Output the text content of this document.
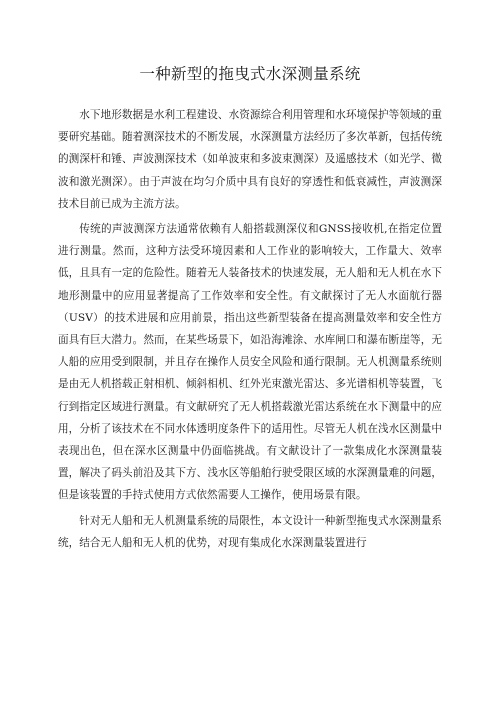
一种新型的拖曳式水深测量系统

水下地形数据是水利工程建设、水资源综合利用管理和水环境保护等领域的重要研究基础。随着测深技术的不断发展，水深测量方法经历了多次革新，包括传统的测深杆和锤、声波测深技术（如单波束和多波束测深）及遥感技术（如光学、微波和激光测深）。由于声波在均匀介质中具有良好的穿透性和低衰减性，声波测深技术目前已成为主流方法。

传统的声波测深方法通常依赖有人船搭载测深仪和GNSS接收机,在指定位置进行测量。然而，这种方法受环境因素和人工作业的影响较大，工作量大、效率低，且具有一定的危险性。随着无人装备技术的快速发展，无人船和无人机在水下地形测量中的应用显著提高了工作效率和安全性。有文献探讨了无人水面航行器（USV）的技术进展和应用前景，指出这些新型装备在提高测量效率和安全性方面具有巨大潜力。然而，在某些场景下，如沿海滩涂、水库闸口和瀑布断崖等，无人船的应用受到限制，并且存在操作人员安全风险和通行限制。无人机测量系统则是由无人机搭载正射相机、倾斜相机、红外光束激光雷达、多光谱相机等装置，飞行到指定区域进行测量。有文献研究了无人机搭载激光雷达系统在水下测量中的应用，分析了该技术在不同水体透明度条件下的适用性。尽管无人机在浅水区测量中表现出色，但在深水区测量中仍面临挑战。有文献设计了一款集成化水深测量装置，解决了码头前沿及其下方、浅水区等船舶行驶受限区域的水深测量难的问题，但是该装置的手持式使用方式依然需要人工操作，使用场景有限。

针对无人船和无人机测量系统的局限性，本文设计一种新型拖曳式水深测量系统，结合无人船和无人机的优势，对现有集成化水深测量装置进行
